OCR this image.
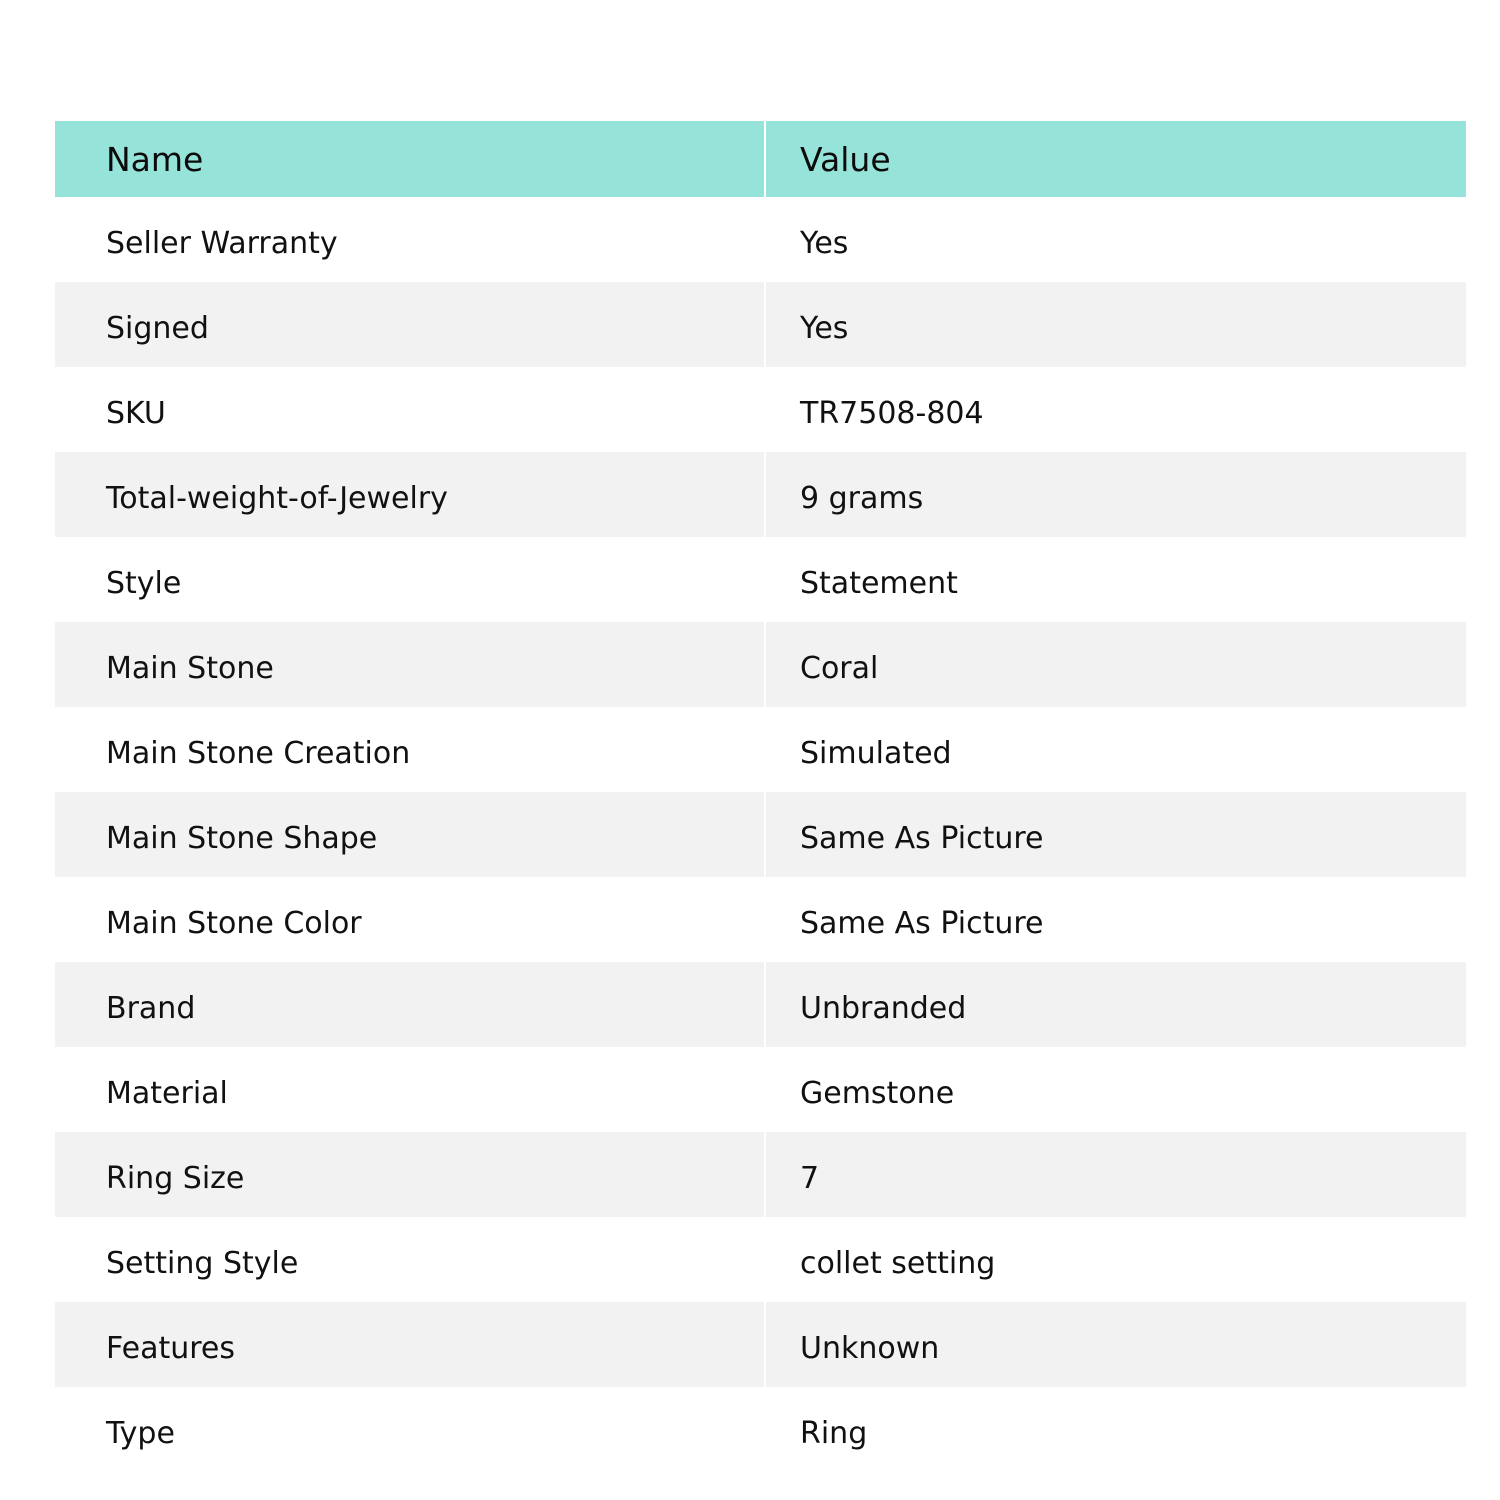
Name	Value
Seller Warranty	Yes
Signed	Yes
SKU	TR7508-804
Total-weight-of-Jewelry	9 grams
Style	Statement
Main Stone	Coral
Main Stone Creation	Simulated
Main Stone Shape	Same As Picture
Main Stone Color	Same As Picture
Brand	Unbranded
Material	Gemstone
Ring Size	7
Setting Style	collet setting
Features	Unknown
Type	Ring
